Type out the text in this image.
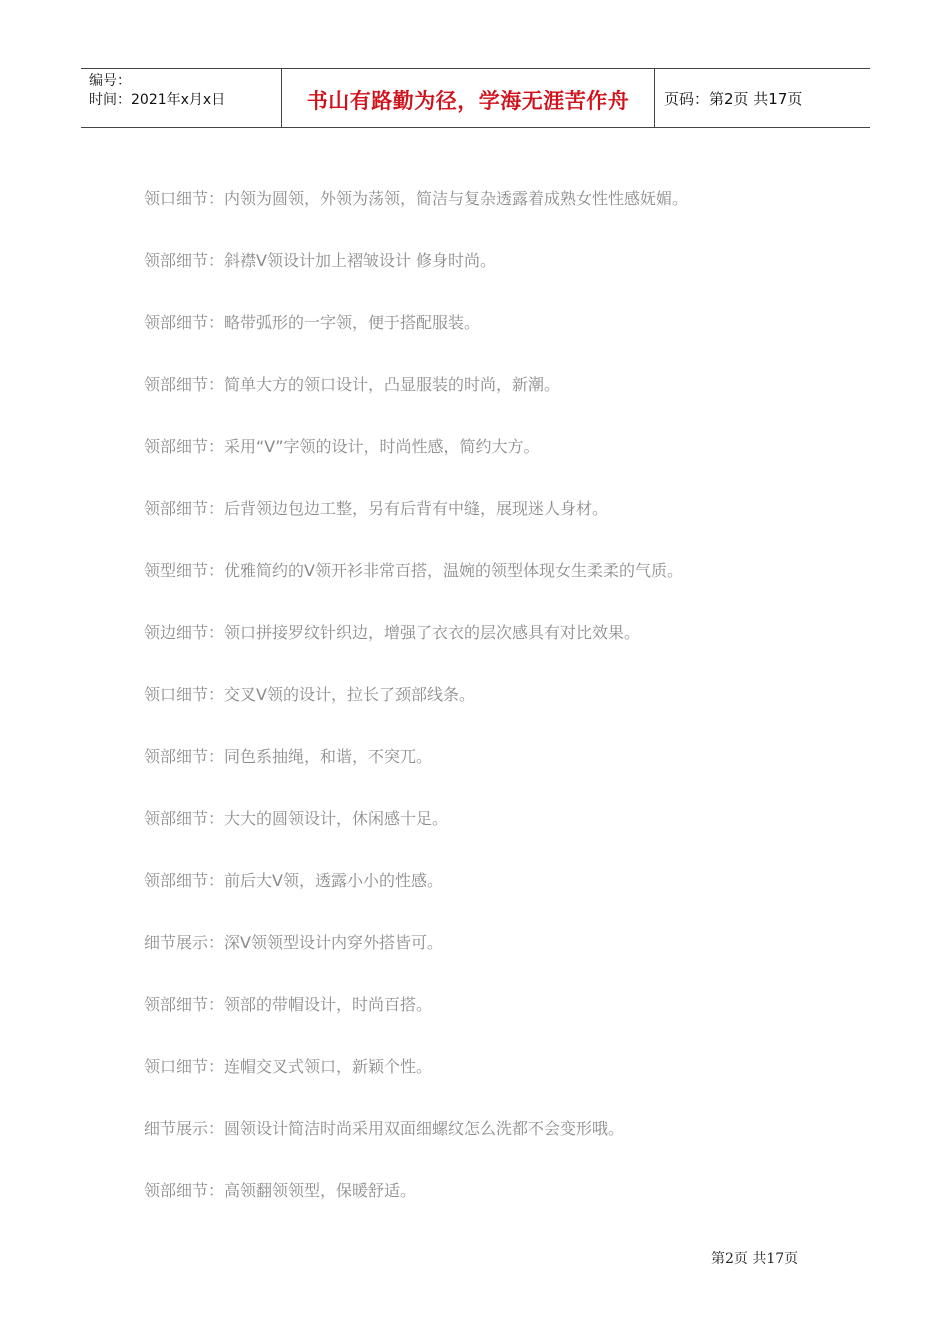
编号：
时间：2021年x月x日	书山有路勤为径，学海无涯苦作舟	页码：第2页 共17页
领口细节：内领为圆领，外领为荡领，简洁与复杂透露着成熟女性性感妩媚。
领部细节：斜襟Ⅴ领设计加上褶皱设计 修身时尚。
领部细节：略带弧形的一字领，便于搭配服装。
领部细节：简单大方的领口设计，凸显服装的时尚，新潮。
领部细节：采用“V”字领的设计，时尚性感，简约大方。
领部细节：后背领边包边工整，另有后背有中缝，展现迷人身材。
领型细节：优雅简约的Ⅴ领开衫非常百搭，温婉的领型体现女生柔柔的气质。
领边细节：领口拼接罗纹针织边，增强了衣衣的层次感具有对比效果。
领口细节：交叉Ⅴ领的设计，拉长了颈部线条。
领部细节：同色系抽绳，和谐，不突兀。
领部细节：大大的圆领设计，休闲感十足。
领部细节：前后大Ⅴ领，透露小小的性感。
细节展示：深Ⅴ领领型设计内穿外搭皆可。
领部细节：领部的带帽设计，时尚百搭。
领口细节：连帽交叉式领口，新颖个性。
细节展示：圆领设计简洁时尚采用双面细螺纹怎么洗都不会变形哦。
领部细节：高领翻领领型，保暖舒适。
第2页 共17页
